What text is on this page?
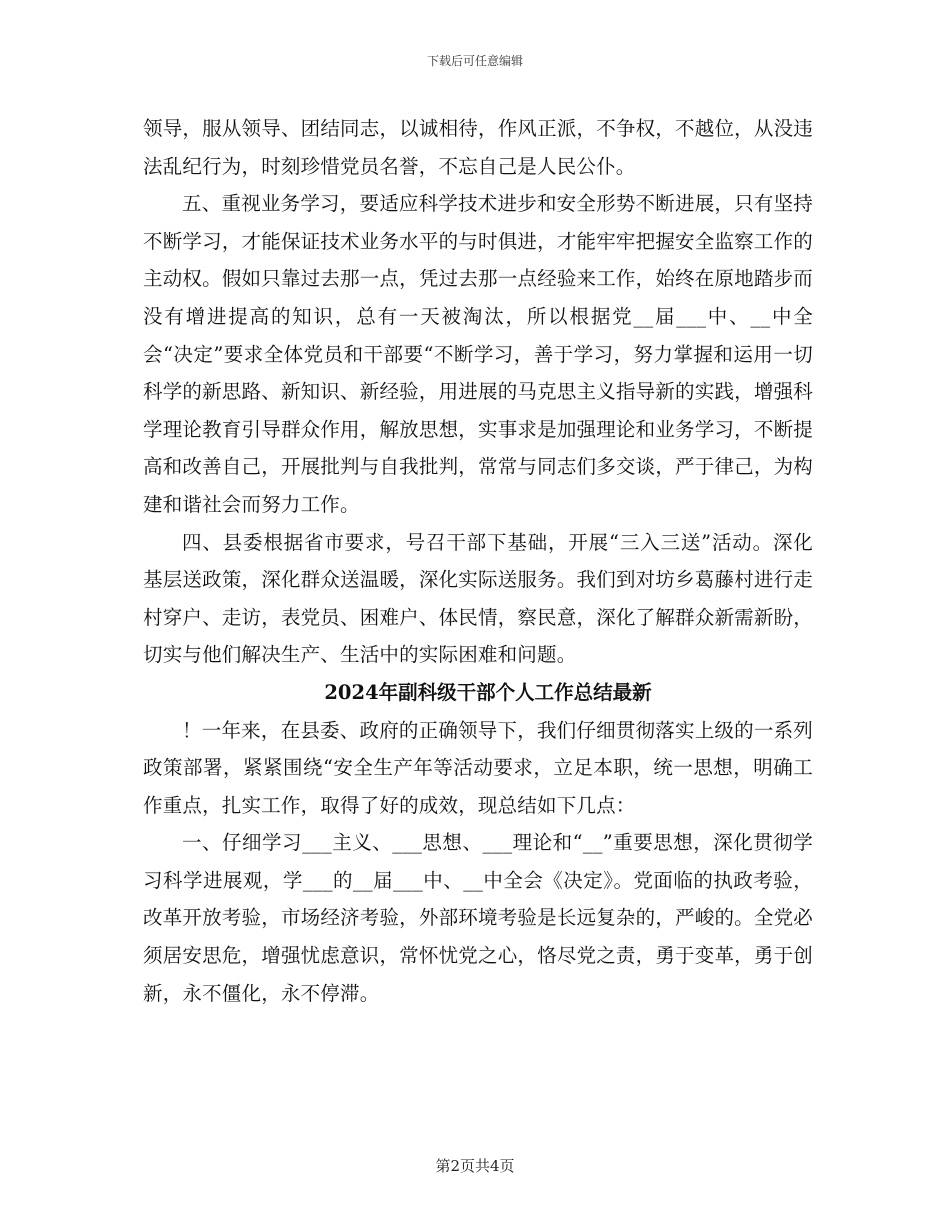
下载后可任意编辑

领导，服从领导、团结同志，以诚相待，作风正派，不争权，不越位，从没违法乱纪行为，时刻珍惜党员名誉，不忘自己是人民公仆。

五、重视业务学习，要适应科学技术进步和安全形势不断进展，只有坚持不断学习，才能保证技术业务水平的与时俱进，才能牢牢把握安全监察工作的主动权。假如只靠过去那一点，凭过去那一点经验来工作，始终在原地踏步而没有增进提高的知识，总有一天被淘汰，所以根据党__届___中、__中全会“决定”要求全体党员和干部要“不断学习，善于学习，努力掌握和运用一切科学的新思路、新知识、新经验，用进展的马克思主义指导新的实践，增强科学理论教育引导群众作用，解放思想，实事求是加强理论和业务学习，不断提高和改善自己，开展批判与自我批判，常常与同志们多交谈，严于律己，为构建和谐社会而努力工作。

四、县委根据省市要求，号召干部下基础，开展“三入三送”活动。深化基层送政策，深化群众送温暖，深化实际送服务。我们到对坊乡葛藤村进行走村穿户、走访，表党员、困难户、体民情，察民意，深化了解群众新需新盼，切实与他们解决生产、生活中的实际困难和问题。

2024年副科级干部个人工作总结最新

！一年来，在县委、政府的正确领导下，我们仔细贯彻落实上级的一系列政策部署，紧紧围绕“安全生产年等活动要求，立足本职，统一思想，明确工作重点，扎实工作，取得了好的成效，现总结如下几点：

一、仔细学习___主义、___思想、___理论和“__”重要思想，深化贯彻学习科学进展观，学___的__届___中、__中全会《决定》。党面临的执政考验，改革开放考验，市场经济考验，外部环境考验是长远复杂的，严峻的。全党必须居安思危，增强忧虑意识，常怀忧党之心，恪尽党之责，勇于变革，勇于创新，永不僵化，永不停滞。

第2页共4页
